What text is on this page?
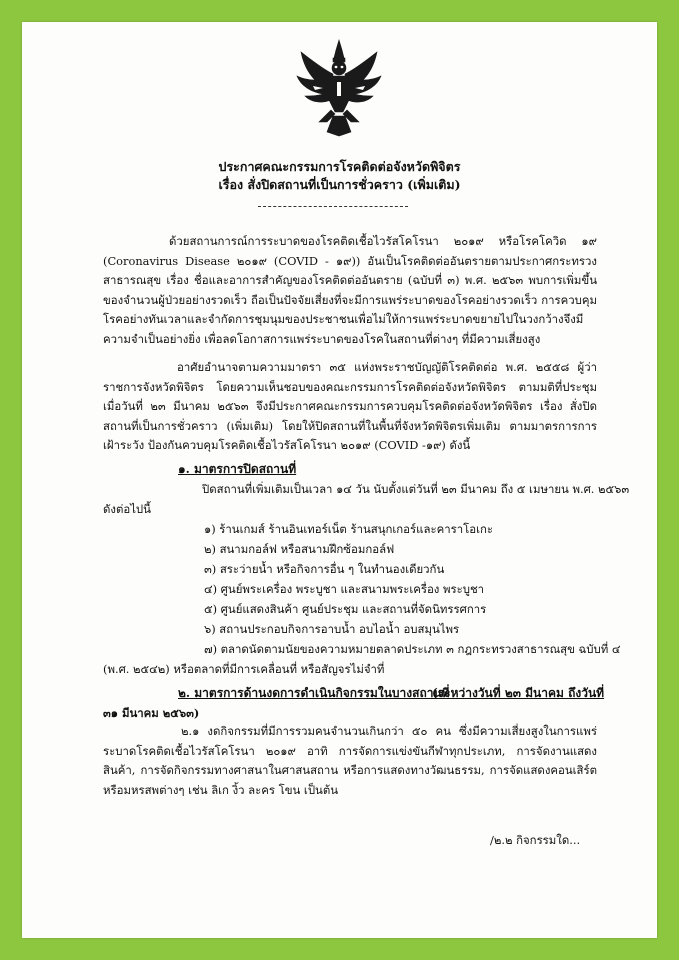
ประกาศคณะกรรมการโรคติดต่อจังหวัดพิจิตร
เรื่อง สั่งปิดสถานที่เป็นการชั่วคราว (เพิ่มเติม)

ด้วยสถานการณ์การระบาดของโรคติดเชื้อไวรัสโคโรนา ๒๐๑๙ หรือโรคโควิด ๑๙ (Coronavirus Disease ๒๐๑๙ (COVID - ๑๙)) อันเป็นโรคติดต่ออันตรายตามประกาศกระทรวงสาธารณสุข เรื่อง ชื่อและอาการสำคัญของโรคติดต่ออันตราย (ฉบับที่ ๓) พ.ศ. ๒๕๖๓ พบการเพิ่มขึ้นของจำนวนผู้ป่วยอย่างรวดเร็ว ถือเป็นปัจจัยเสี่ยงที่จะมีการแพร่ระบาดของโรคอย่างรวดเร็ว การควบคุมโรคอย่างทันเวลาและจำกัดการชุมนุมของประชาชนเพื่อไม่ให้การแพร่ระบาดขยายไปในวงกว้างจึงมีความจำเป็นอย่างยิ่ง เพื่อลดโอกาสการแพร่ระบาดของโรคในสถานที่ต่างๆ ที่มีความเสี่ยงสูง

อาศัยอำนาจตามความมาตรา ๓๕ แห่งพระราชบัญญัติโรคติดต่อ พ.ศ. ๒๕๕๘ ผู้ว่าราชการจังหวัดพิจิตร โดยความเห็นชอบของคณะกรรมการโรคติดต่อจังหวัดพิจิตร ตามมติที่ประชุมเมื่อวันที่ ๒๓ มีนาคม ๒๕๖๓ จึงมีประกาศคณะกรรมการควบคุมโรคติดต่อจังหวัดพิจิตร เรื่อง สั่งปิดสถานที่เป็นการชั่วคราว (เพิ่มเติม) โดยให้ปิดสถานที่ในพื้นที่จังหวัดพิจิตรเพิ่มเติม ตามมาตรการการเฝ้าระวัง ป้องกันควบคุมโรคติดเชื้อไวรัสโคโรนา ๒๐๑๙ (COVID -๑๙) ดังนี้

๑. มาตรการปิดสถานที่
ปิดสถานที่เพิ่มเติมเป็นเวลา ๑๔ วัน นับตั้งแต่วันที่ ๒๓ มีนาคม ถึง ๕ เมษายน พ.ศ. ๒๕๖๓
ดังต่อไปนี้
๑) ร้านเกมส์ ร้านอินเทอร์เน็ต ร้านสนุกเกอร์และคาราโอเกะ
๒) สนามกอล์ฟ หรือสนามฝึกซ้อมกอล์ฟ
๓) สระว่ายน้ำ หรือกิจการอื่น ๆ ในทำนองเดียวกัน
๔) ศูนย์พระเครื่อง พระบูชา และสนามพระเครื่อง พระบูชา
๕) ศูนย์แสดงสินค้า ศูนย์ประชุม และสถานที่จัดนิทรรศการ
๖) สถานประกอบกิจการอาบน้ำ อบไอน้ำ อบสมุนไพร
๗) ตลาดนัดตามนัยของความหมายตลาดประเภท ๓ กฎกระทรวงสาธารณสุข ฉบับที่ ๔
(พ.ศ. ๒๕๔๒) หรือตลาดที่มีการเคลื่อนที่ หรือสัญจรไม่จำที่
๒. มาตรการด้านงดการดำเนินกิจกรรมในบางสถานที่
(ระหว่างวันที่ ๒๓ มีนาคม ถึงวันที่
๓๑ มีนาคม ๒๕๖๓)

๒.๑ งดกิจกรรมที่มีการรวมคนจำนวนเกินกว่า ๕๐ คน ซึ่งมีความเสี่ยงสูงในการแพร่ระบาดโรคติดเชื้อไวรัสโคโรนา ๒๐๑๙ อาทิ การจัดการแข่งขันกีฬาทุกประเภท, การจัดงานแสดงสินค้า, การจัดกิจกรรมทางศาสนาในศาสนสถาน หรือการแสดงทางวัฒนธรรม, การจัดแสดงคอนเสิร์ตหรือมหรสพต่างๆ เช่น ลิเก งิ้ว ละคร โขน เป็นต้น

/๒.๒ กิจกรรมใด...
